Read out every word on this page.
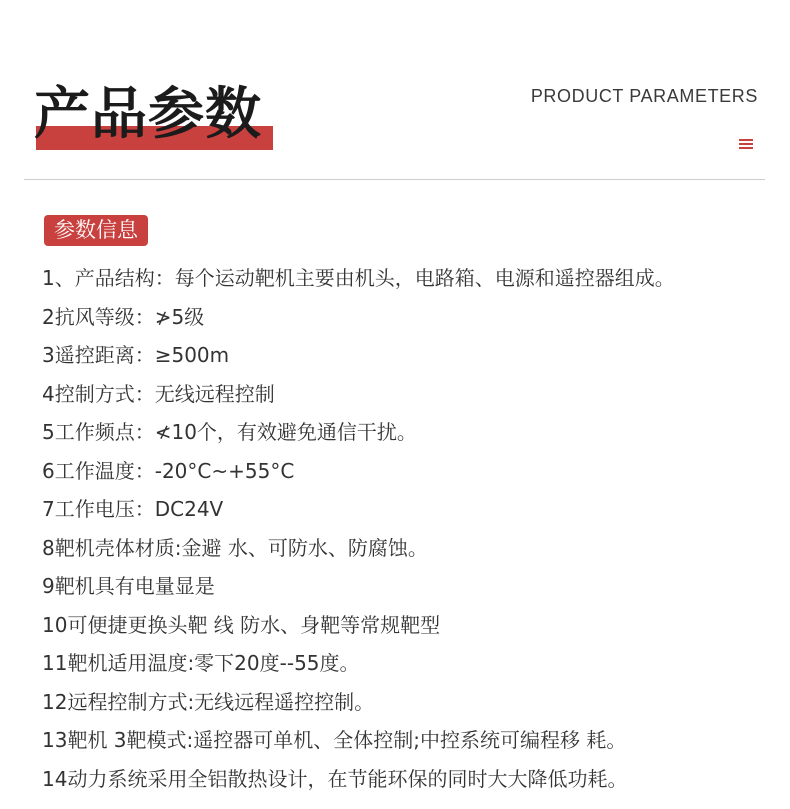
产品参数	PRODUCT PARAMETERS
参数信息
1、产品结构：每个运动靶机主要由机头，电路箱、电源和遥控器组成。
2抗风等级：≯5级
3遥控距离：≥500m
4控制方式：无线远程控制
5工作频点：≮10个，有效避免通信干扰。
6工作温度：-20°C~+55°C
7工作电压：DC24V
8靶机壳体材质:金避 水、可防水、防腐蚀。
9靶机具有电量显是
10可便捷更换头靶 线 防水、身靶等常规靶型
11靶机适用温度:零下20度--55度。
12远程控制方式:无线远程遥控控制。
13靶机 3靶模式:遥控器可单机、全体控制;中控系统可编程移 耗。
14动力系统采用全铝散热设计，在节能环保的同时大大降低功耗。
